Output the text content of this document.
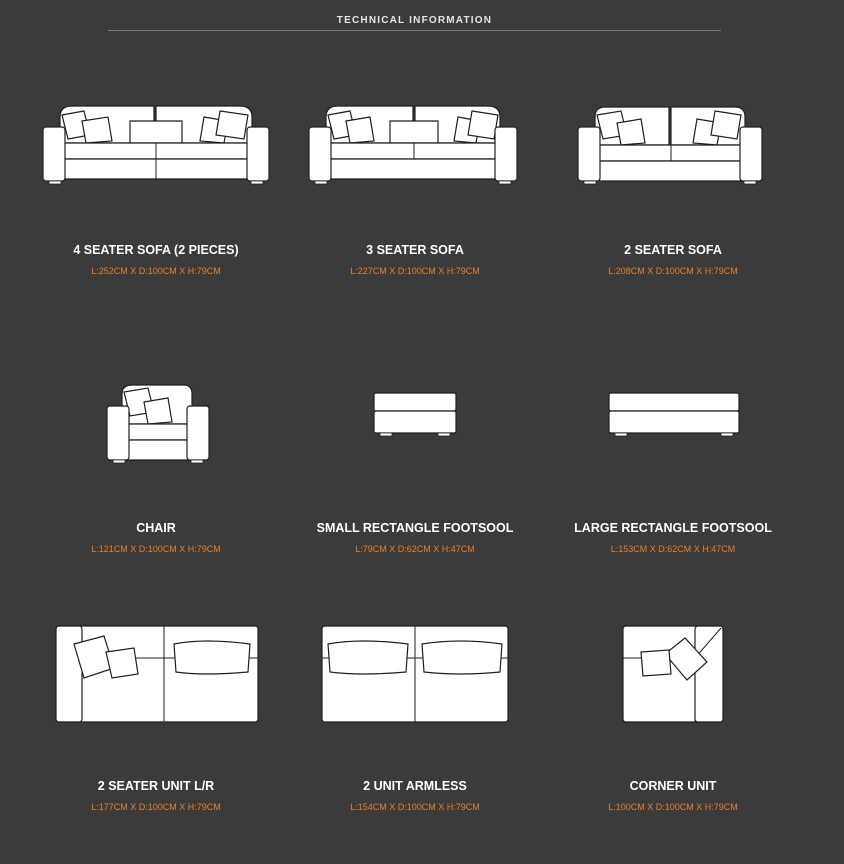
TECHNICAL INFORMATION
4 SEATER SOFA (2 PIECES)
L:252CM X D:100CM X H:79CM
3 SEATER SOFA
L:227CM X D:100CM X H:79CM
2 SEATER SOFA
L:208CM X D:100CM X H:79CM
CHAIR
L:121CM X D:100CM X H:79CM
SMALL RECTANGLE FOOTSOOL
L:79CM X D:62CM X H:47CM
LARGE RECTANGLE FOOTSOOL
L:153CM X D:62CM X H:47CM
2 SEATER UNIT L/R
L:177CM X D:100CM X H:79CM
2 UNIT ARMLESS
L:154CM X D:100CM X H:79CM
CORNER UNIT
L:100CM X D:100CM X H:79CM
